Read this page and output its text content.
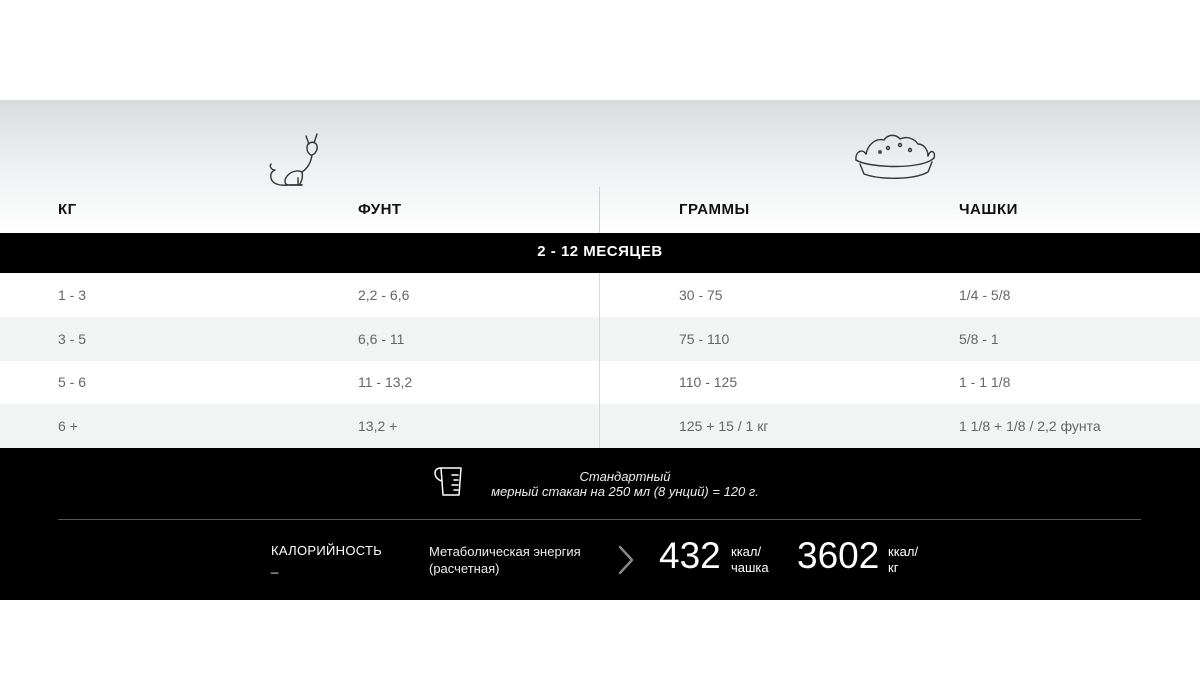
КГ	ФУНТ	ГРАММЫ	ЧАШКИ
2 - 12 МЕСЯЦЕВ
1 - 3	2,2 - 6,6	30 - 75	1/4 - 5/8
3 - 5	6,6 - 11	75 - 110	5/8 - 1
5 - 6	11 - 13,2	110 - 125	1 - 1 1/8
6 +	13,2 +	125 + 15 / 1 кг	1 1/8 + 1/8 / 2,2 фунта
Стандартный
мерный стакан на 250 мл (8 унций) = 120 г.
КАЛОРИЙНОСТЬ
_
Метаболическая энергия
(расчетная)	432 ккал/
чашка 3602 ккал/
кг
